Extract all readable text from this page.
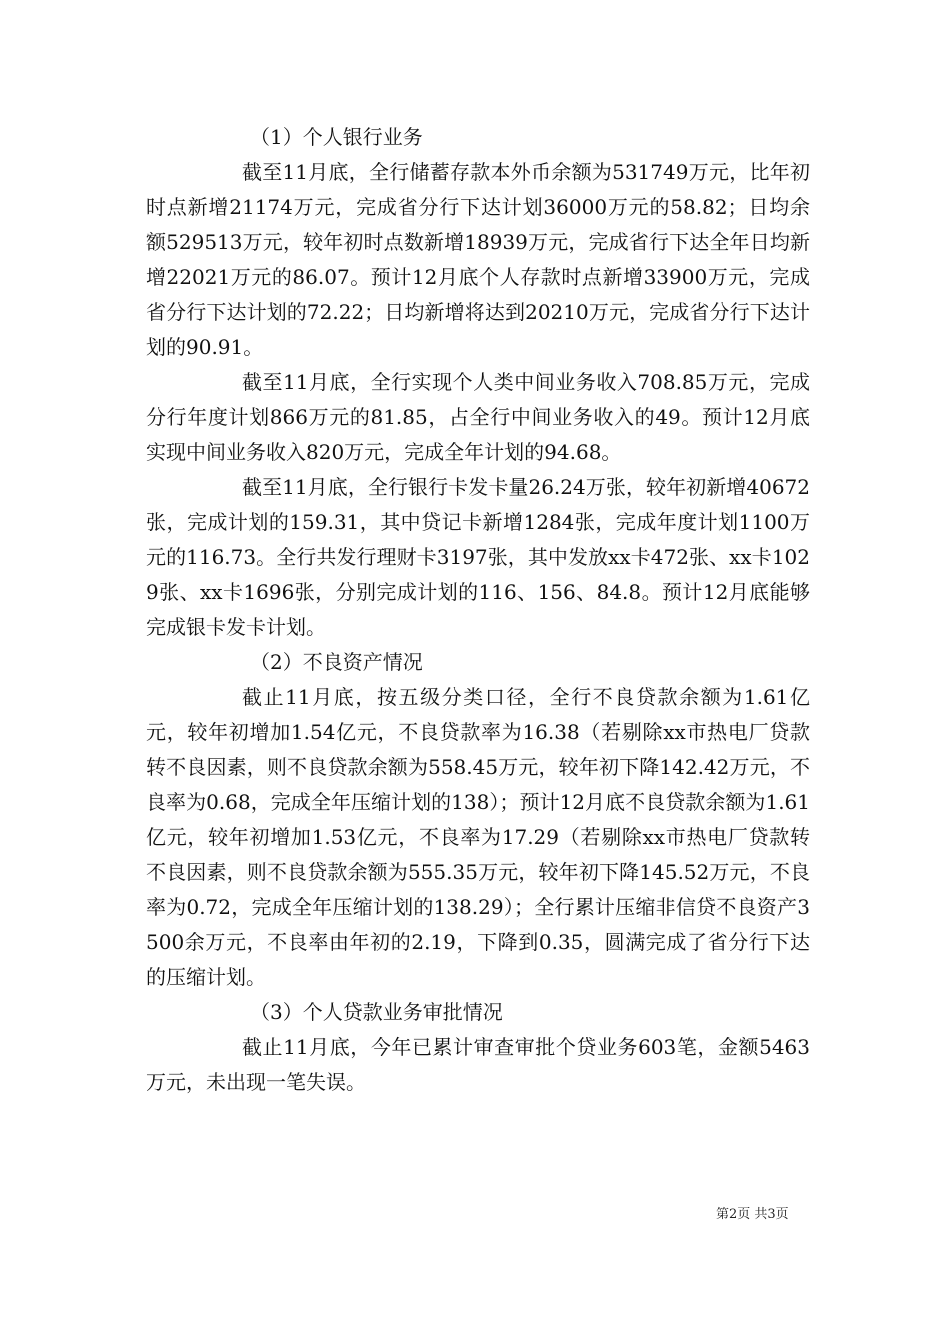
（1）个人银行业务

截至11月底，全行储蓄存款本外币余额为531749万元，比年初时点新增21174万元，完成省分行下达计划36000万元的58.82；日均余额529513万元，较年初时点数新增18939万元，完成省行下达全年日均新增22021万元的86.07。预计12月底个人存款时点新增33900万元，完成省分行下达计划的72.22；日均新增将达到20210万元，完成省分行下达计划的90.91。

截至11月底，全行实现个人类中间业务收入708.85万元，完成分行年度计划866万元的81.85，占全行中间业务收入的49。预计12月底实现中间业务收入820万元，完成全年计划的94.68。

截至11月底，全行银行卡发卡量26.24万张，较年初新增40672张，完成计划的159.31，其中贷记卡新增1284张，完成年度计划1100万元的116.73。全行共发行理财卡3197张，其中发放xx卡472张、xx卡1029张、xx卡1696张，分别完成计划的116、156、84.8。预计12月底能够完成银卡发卡计划。

（2）不良资产情况

截止11月底，按五级分类口径，全行不良贷款余额为1.61亿元，较年初增加1.54亿元，不良贷款率为16.38（若剔除xx市热电厂贷款转不良因素，则不良贷款余额为558.45万元，较年初下降142.42万元，不良率为0.68，完成全年压缩计划的138）；预计12月底不良贷款余额为1.61亿元，较年初增加1.53亿元，不良率为17.29（若剔除xx市热电厂贷款转不良因素，则不良贷款余额为555.35万元，较年初下降145.52万元，不良率为0.72，完成全年压缩计划的138.29）；全行累计压缩非信贷不良资产3500余万元，不良率由年初的2.19，下降到0.35，圆满完成了省分行下达的压缩计划。

（3）个人贷款业务审批情况

截止11月底，今年已累计审查审批个贷业务603笔，金额5463万元，未出现一笔失误。

第2页 共3页
